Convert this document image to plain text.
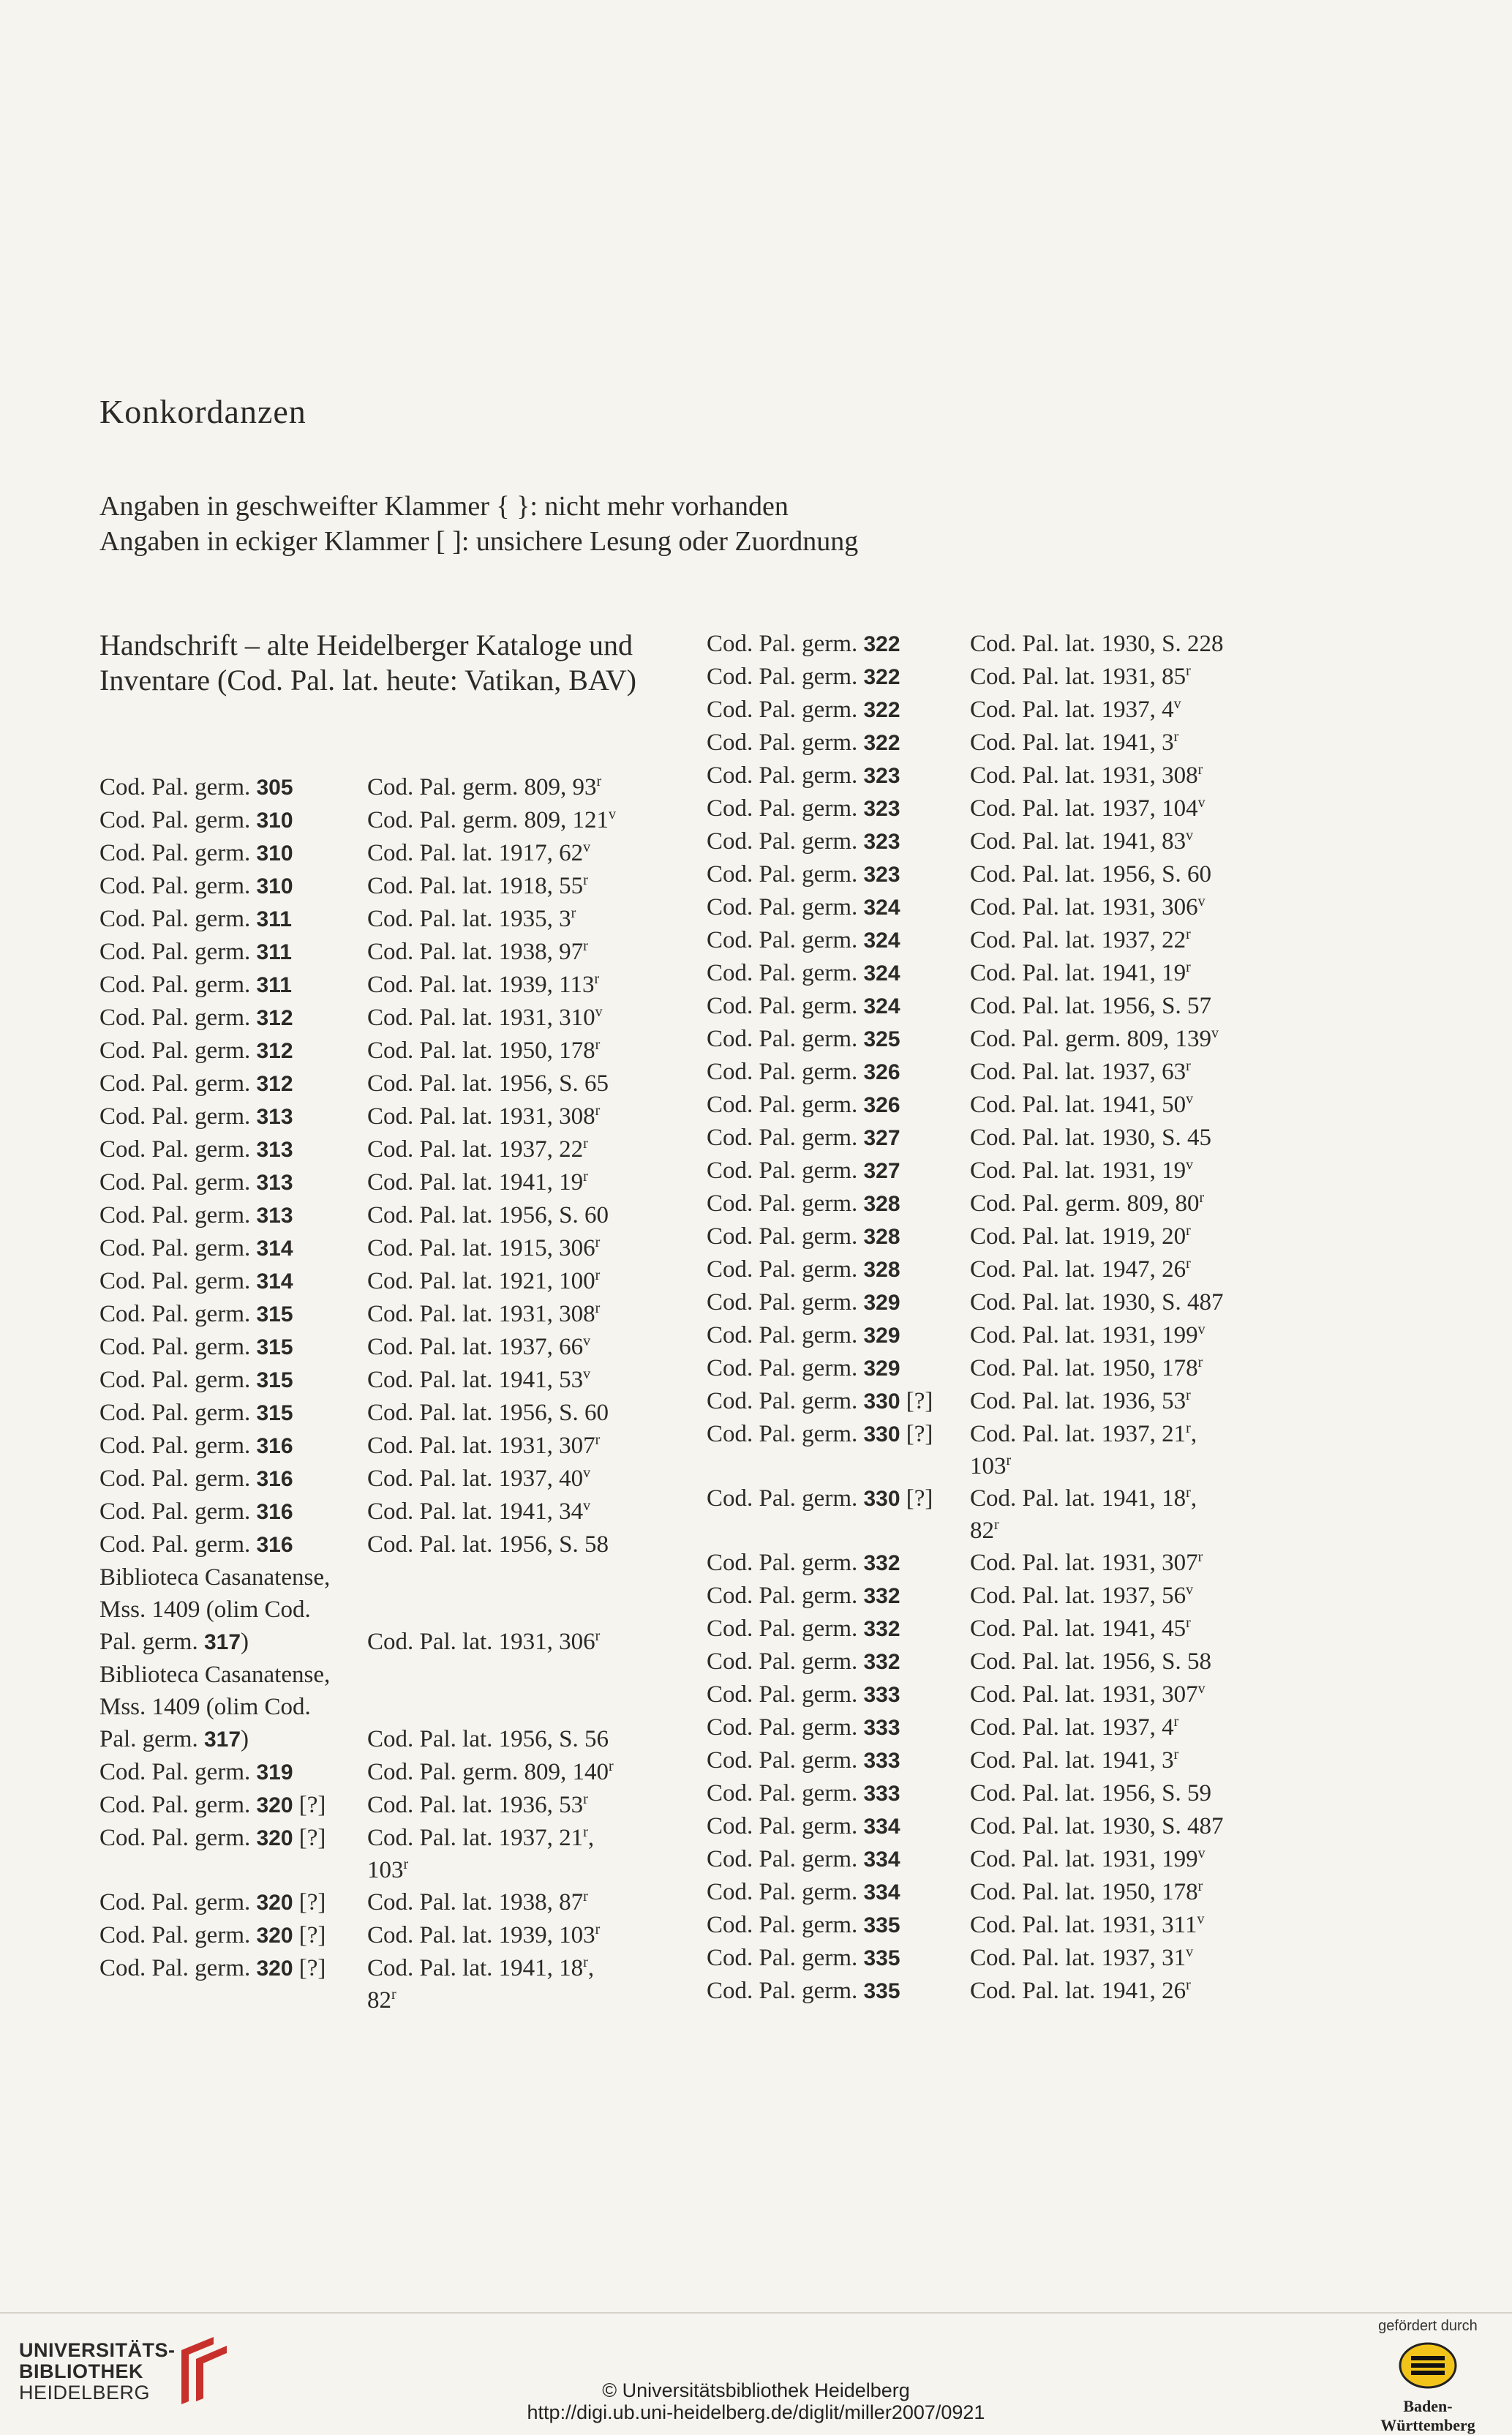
Konkordanzen
Angaben in geschweifter Klammer { }: nicht mehr vorhanden
Angaben in eckiger Klammer [ ]: unsichere Lesung oder Zuordnung
Handschrift – alte Heidelberger Kataloge und Inventare (Cod. Pal. lat. heute: Vatikan, BAV)
Cod. Pal. germ. 305	Cod. Pal. germ. 809, 93$^r$
Cod. Pal. germ. 310	Cod. Pal. germ. 809, 121$^v$
Cod. Pal. germ. 310	Cod. Pal. lat. 1917, 62$^v$
Cod. Pal. germ. 310	Cod. Pal. lat. 1918, 55$^r$
Cod. Pal. germ. 311	Cod. Pal. lat. 1935, 3$^r$
Cod. Pal. germ. 311	Cod. Pal. lat. 1938, 97$^r$
Cod. Pal. germ. 311	Cod. Pal. lat. 1939, 113$^r$
Cod. Pal. germ. 312	Cod. Pal. lat. 1931, 310$^v$
Cod. Pal. germ. 312	Cod. Pal. lat. 1950, 178$^r$
Cod. Pal. germ. 312	Cod. Pal. lat. 1956, S. 65
Cod. Pal. germ. 313	Cod. Pal. lat. 1931, 308$^r$
Cod. Pal. germ. 313	Cod. Pal. lat. 1937, 22$^r$
Cod. Pal. germ. 313	Cod. Pal. lat. 1941, 19$^r$
Cod. Pal. germ. 313	Cod. Pal. lat. 1956, S. 60
Cod. Pal. germ. 314	Cod. Pal. lat. 1915, 306$^r$
Cod. Pal. germ. 314	Cod. Pal. lat. 1921, 100$^r$
Cod. Pal. germ. 315	Cod. Pal. lat. 1931, 308$^r$
Cod. Pal. germ. 315	Cod. Pal. lat. 1937, 66$^v$
Cod. Pal. germ. 315	Cod. Pal. lat. 1941, 53$^v$
Cod. Pal. germ. 315	Cod. Pal. lat. 1956, S. 60
Cod. Pal. germ. 316	Cod. Pal. lat. 1931, 307$^r$
Cod. Pal. germ. 316	Cod. Pal. lat. 1937, 40$^v$
Cod. Pal. germ. 316	Cod. Pal. lat. 1941, 34$^v$
Cod. Pal. germ. 316	Cod. Pal. lat. 1956, S. 58
Biblioteca Casanatense,
Mss. 1409 (olim Cod.
Pal. germ. 317)	Cod. Pal. lat. 1931, 306$^r$
Biblioteca Casanatense,
Mss. 1409 (olim Cod.
Pal. germ. 317)	Cod. Pal. lat. 1956, S. 56
Cod. Pal. germ. 319	Cod. Pal. germ. 809, 140$^r$
Cod. Pal. germ. 320 [?]	Cod. Pal. lat. 1936, 53$^r$
Cod. Pal. germ. 320 [?]	Cod. Pal. lat. 1937, 21$^r$,
103$^r$
Cod. Pal. germ. 320 [?]	Cod. Pal. lat. 1938, 87$^r$
Cod. Pal. germ. 320 [?]	Cod. Pal. lat. 1939, 103$^r$
Cod. Pal. germ. 320 [?]	Cod. Pal. lat. 1941, 18$^r$,
82$^r$
Cod. Pal. germ. 322	Cod. Pal. lat. 1930, S. 228
Cod. Pal. germ. 322	Cod. Pal. lat. 1931, 85$^r$
Cod. Pal. germ. 322	Cod. Pal. lat. 1937, 4$^v$
Cod. Pal. germ. 322	Cod. Pal. lat. 1941, 3$^r$
Cod. Pal. germ. 323	Cod. Pal. lat. 1931, 308$^r$
Cod. Pal. germ. 323	Cod. Pal. lat. 1937, 104$^v$
Cod. Pal. germ. 323	Cod. Pal. lat. 1941, 83$^v$
Cod. Pal. germ. 323	Cod. Pal. lat. 1956, S. 60
Cod. Pal. germ. 324	Cod. Pal. lat. 1931, 306$^v$
Cod. Pal. germ. 324	Cod. Pal. lat. 1937, 22$^r$
Cod. Pal. germ. 324	Cod. Pal. lat. 1941, 19$^r$
Cod. Pal. germ. 324	Cod. Pal. lat. 1956, S. 57
Cod. Pal. germ. 325	Cod. Pal. germ. 809, 139$^v$
Cod. Pal. germ. 326	Cod. Pal. lat. 1937, 63$^r$
Cod. Pal. germ. 326	Cod. Pal. lat. 1941, 50$^v$
Cod. Pal. germ. 327	Cod. Pal. lat. 1930, S. 45
Cod. Pal. germ. 327	Cod. Pal. lat. 1931, 19$^v$
Cod. Pal. germ. 328	Cod. Pal. germ. 809, 80$^r$
Cod. Pal. germ. 328	Cod. Pal. lat. 1919, 20$^r$
Cod. Pal. germ. 328	Cod. Pal. lat. 1947, 26$^r$
Cod. Pal. germ. 329	Cod. Pal. lat. 1930, S. 487
Cod. Pal. germ. 329	Cod. Pal. lat. 1931, 199$^v$
Cod. Pal. germ. 329	Cod. Pal. lat. 1950, 178$^r$
Cod. Pal. germ. 330 [?]	Cod. Pal. lat. 1936, 53$^r$
Cod. Pal. germ. 330 [?]	Cod. Pal. lat. 1937, 21$^r$,
103$^r$
Cod. Pal. germ. 330 [?]	Cod. Pal. lat. 1941, 18$^r$,
82$^r$
Cod. Pal. germ. 332	Cod. Pal. lat. 1931, 307$^r$
Cod. Pal. germ. 332	Cod. Pal. lat. 1937, 56$^v$
Cod. Pal. germ. 332	Cod. Pal. lat. 1941, 45$^r$
Cod. Pal. germ. 332	Cod. Pal. lat. 1956, S. 58
Cod. Pal. germ. 333	Cod. Pal. lat. 1931, 307$^v$
Cod. Pal. germ. 333	Cod. Pal. lat. 1937, 4$^r$
Cod. Pal. germ. 333	Cod. Pal. lat. 1941, 3$^r$
Cod. Pal. germ. 333	Cod. Pal. lat. 1956, S. 59
Cod. Pal. germ. 334	Cod. Pal. lat. 1930, S. 487
Cod. Pal. germ. 334	Cod. Pal. lat. 1931, 199$^v$
Cod. Pal. germ. 334	Cod. Pal. lat. 1950, 178$^r$
Cod. Pal. germ. 335	Cod. Pal. lat. 1931, 311$^v$
Cod. Pal. germ. 335	Cod. Pal. lat. 1937, 31$^v$
Cod. Pal. germ. 335	Cod. Pal. lat. 1941, 26$^r$
UNIVERSITÄTS-
BIBLIOTHEK
HEIDELBERG	© Universitätsbibliothek Heidelberg
http://digi.ub.uni-heidelberg.de/diglit/miller2007/0921
gefördert durch
Baden-Württemberg
